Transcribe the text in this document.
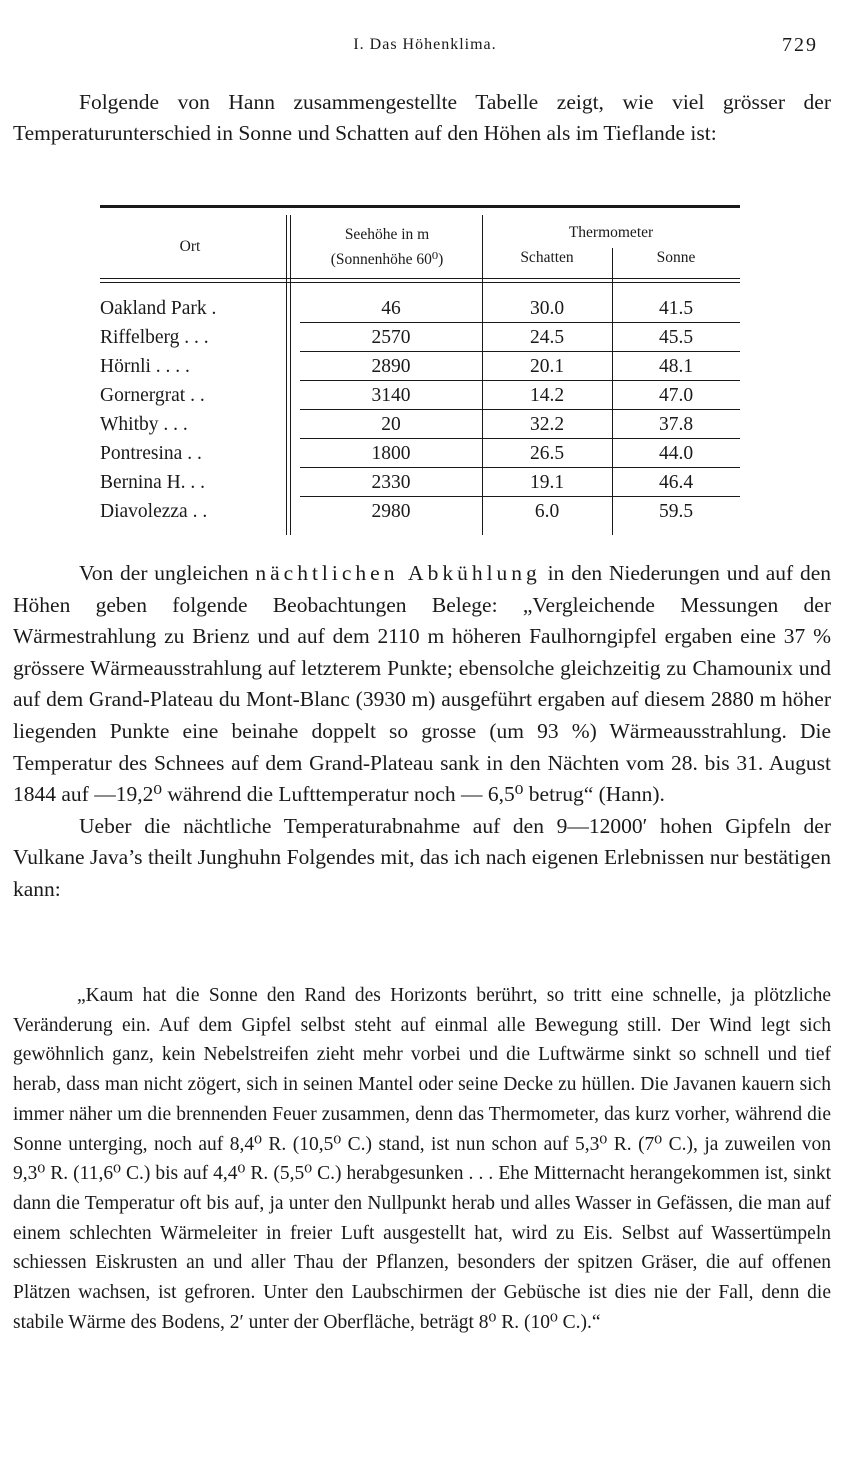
I. Das Höhenklima.	729

Folgende von Hann zusammengestellte Tabelle zeigt, wie viel grösser der Temperaturunterschied in Sonne und Schatten auf den Höhen als im Tieflande ist:

Ort
Seehöhe in m
(Sonnenhöhe 60⁰)
Thermometer
Schatten	Sonne
Oakland Park .	46	30.0	41.5
Riffelberg . . .	2570	24.5	45.5
Hörnli . . . .	2890	20.1	48.1
Gornergrat . .	3140	14.2	47.0
Whitby . . .	20	32.2	37.8
Pontresina . .	1800	26.5	44.0
Bernina H. . .	2330	19.1	46.4
Diavolezza . .	2980	6.0	59.5

Von der ungleichen nächtlichen Abkühlung in den Niederungen und auf den Höhen geben folgende Beobachtungen Belege: „Vergleichende Messungen der Wärmestrahlung zu Brienz und auf dem 2110 m höheren Faulhorngipfel ergaben eine 37 % grössere Wärmeausstrahlung auf letzterem Punkte; ebensolche gleichzeitig zu Chamounix und auf dem Grand-Plateau du Mont-Blanc (3930 m) ausgeführt ergaben auf diesem 2880 m höher liegenden Punkte eine beinahe doppelt so grosse (um 93 %) Wärmeausstrahlung. Die Temperatur des Schnees auf dem Grand-Plateau sank in den Nächten vom 28. bis 31. August 1844 auf —19,2⁰ während die Lufttemperatur noch — 6,5⁰ betrug“ (Hann).

Ueber die nächtliche Temperaturabnahme auf den 9—12000′ hohen Gipfeln der Vulkane Java’s theilt Junghuhn Folgendes mit, das ich nach eigenen Erlebnissen nur bestätigen kann:

„Kaum hat die Sonne den Rand des Horizonts berührt, so tritt eine schnelle, ja plötzliche Veränderung ein. Auf dem Gipfel selbst steht auf einmal alle Bewegung still. Der Wind legt sich gewöhnlich ganz, kein Nebelstreifen zieht mehr vorbei und die Luftwärme sinkt so schnell und tief herab, dass man nicht zögert, sich in seinen Mantel oder seine Decke zu hüllen. Die Javanen kauern sich immer näher um die brennenden Feuer zusammen, denn das Thermometer, das kurz vorher, während die Sonne unterging, noch auf 8,4⁰ R. (10,5⁰ C.) stand, ist nun schon auf 5,3⁰ R. (7⁰ C.), ja zuweilen von 9,3⁰ R. (11,6⁰ C.) bis auf 4,4⁰ R. (5,5⁰ C.) herabgesunken . . . Ehe Mitternacht herangekommen ist, sinkt dann die Temperatur oft bis auf, ja unter den Nullpunkt herab und alles Wasser in Gefässen, die man auf einem schlechten Wärmeleiter in freier Luft ausgestellt hat, wird zu Eis. Selbst auf Wassertümpeln schiessen Eiskrusten an und aller Thau der Pflanzen, besonders der spitzen Gräser, die auf offenen Plätzen wachsen, ist gefroren. Unter den Laubschirmen der Gebüsche ist dies nie der Fall, denn die stabile Wärme des Bodens, 2′ unter der Oberfläche, beträgt 8⁰ R. (10⁰ C.).“
